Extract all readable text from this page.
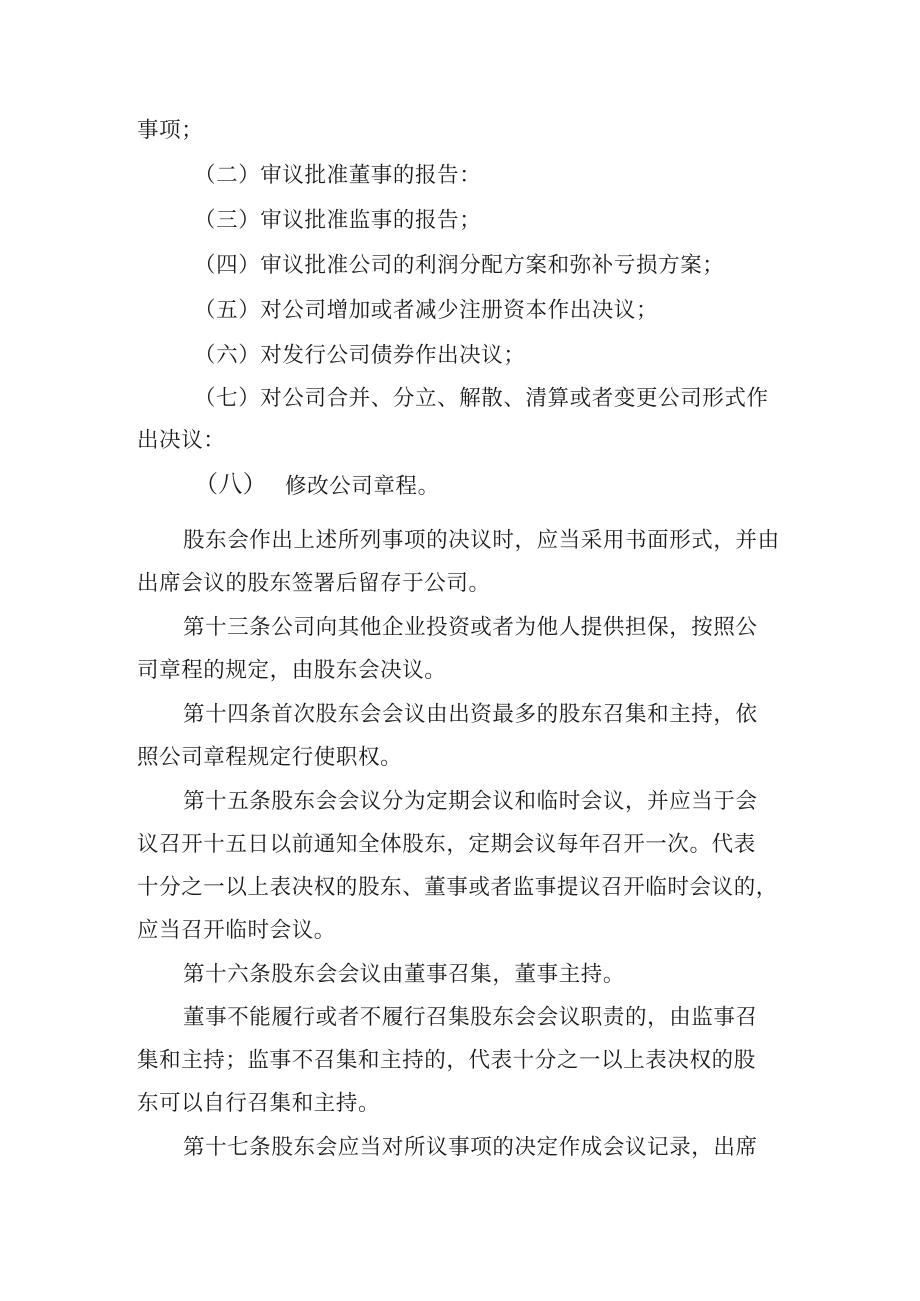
事项；

（二）审议批准董事的报告：

（三）审议批准监事的报告；

（四）审议批准公司的利润分配方案和弥补亏损方案；

（五）对公司增加或者减少注册资本作出决议；

（六）对发行公司债券作出决议；

（七）对公司合并、分立、解散、清算或者变更公司形式作

出决议：

（八） 修改公司章程。

股东会作出上述所列事项的决议时，应当采用书面形式，并由

出席会议的股东签署后留存于公司。

第十三条公司向其他企业投资或者为他人提供担保，按照公

司章程的规定，由股东会决议。

第十四条首次股东会会议由出资最多的股东召集和主持，依

照公司章程规定行使职权。

第十五条股东会会议分为定期会议和临时会议，并应当于会

议召开十五日以前通知全体股东，定期会议每年召开一次。代表

十分之一以上表决权的股东、董事或者监事提议召开临时会议的，

应当召开临时会议。

第十六条股东会会议由董事召集，董事主持。

董事不能履行或者不履行召集股东会会议职责的，由监事召

集和主持；监事不召集和主持的，代表十分之一以上表决权的股

东可以自行召集和主持。

第十七条股东会应当对所议事项的决定作成会议记录，出席
